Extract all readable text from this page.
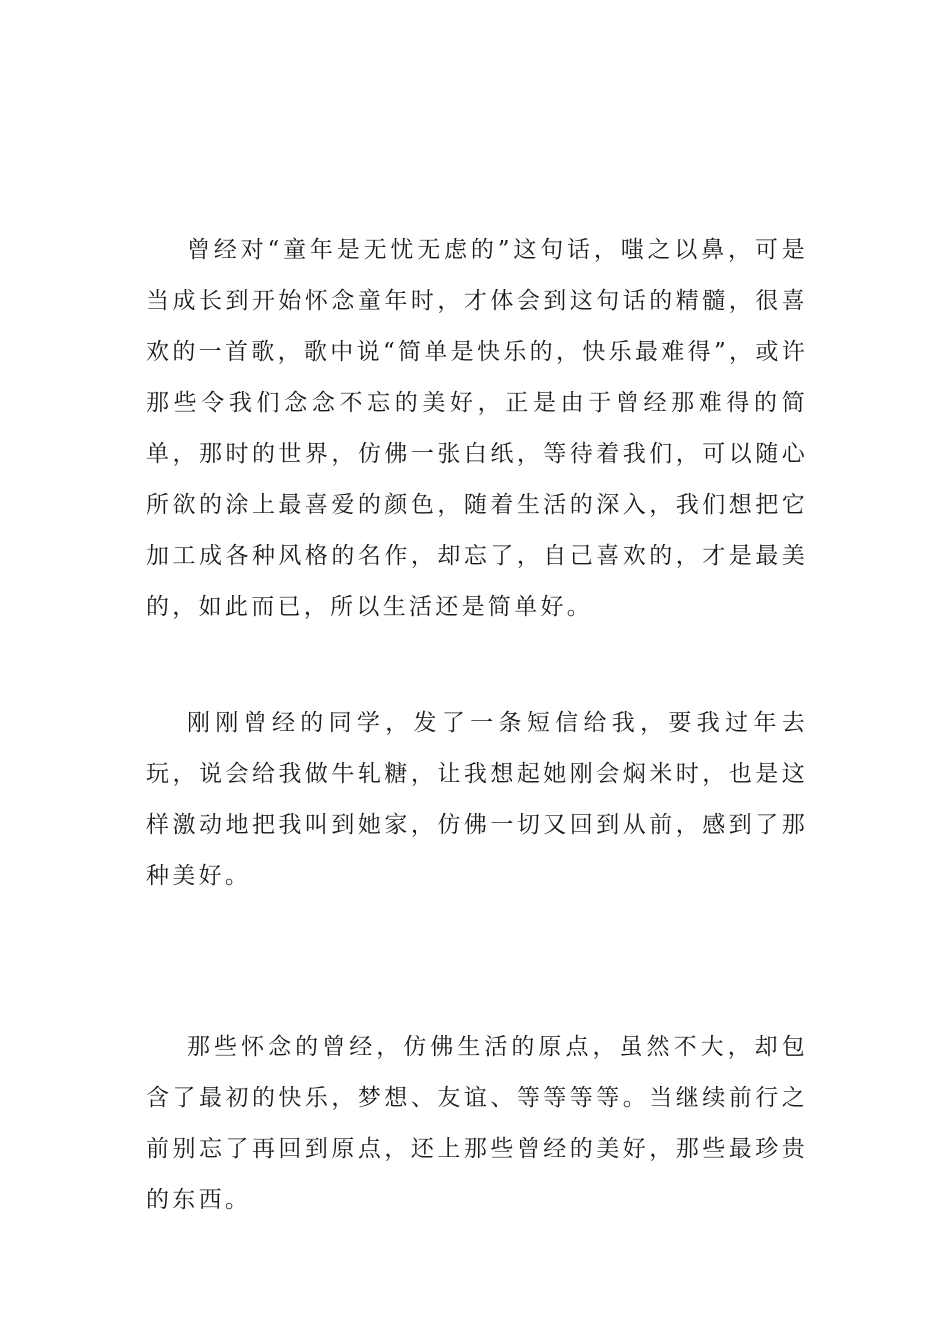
曾经对“童年是无忧无虑的”这句话，嗤之以鼻，可是当成长到开始怀念童年时，才体会到这句话的精髓，很喜欢的一首歌，歌中说“简单是快乐的，快乐最难得”，或许那些令我们念念不忘的美好，正是由于曾经那难得的简单，那时的世界，仿佛一张白纸，等待着我们，可以随心所欲的涂上最喜爱的颜色，随着生活的深入，我们想把它加工成各种风格的名作，却忘了，自己喜欢的，才是最美的，如此而已，所以生活还是简单好。

刚刚曾经的同学，发了一条短信给我，要我过年去玩，说会给我做牛轧糖，让我想起她刚会焖米时，也是这样激动地把我叫到她家，仿佛一切又回到从前，感到了那种美好。

那些怀念的曾经，仿佛生活的原点，虽然不大，却包含了最初的快乐，梦想、友谊、等等等等。当继续前行之前别忘了再回到原点，还上那些曾经的美好，那些最珍贵的东西。
